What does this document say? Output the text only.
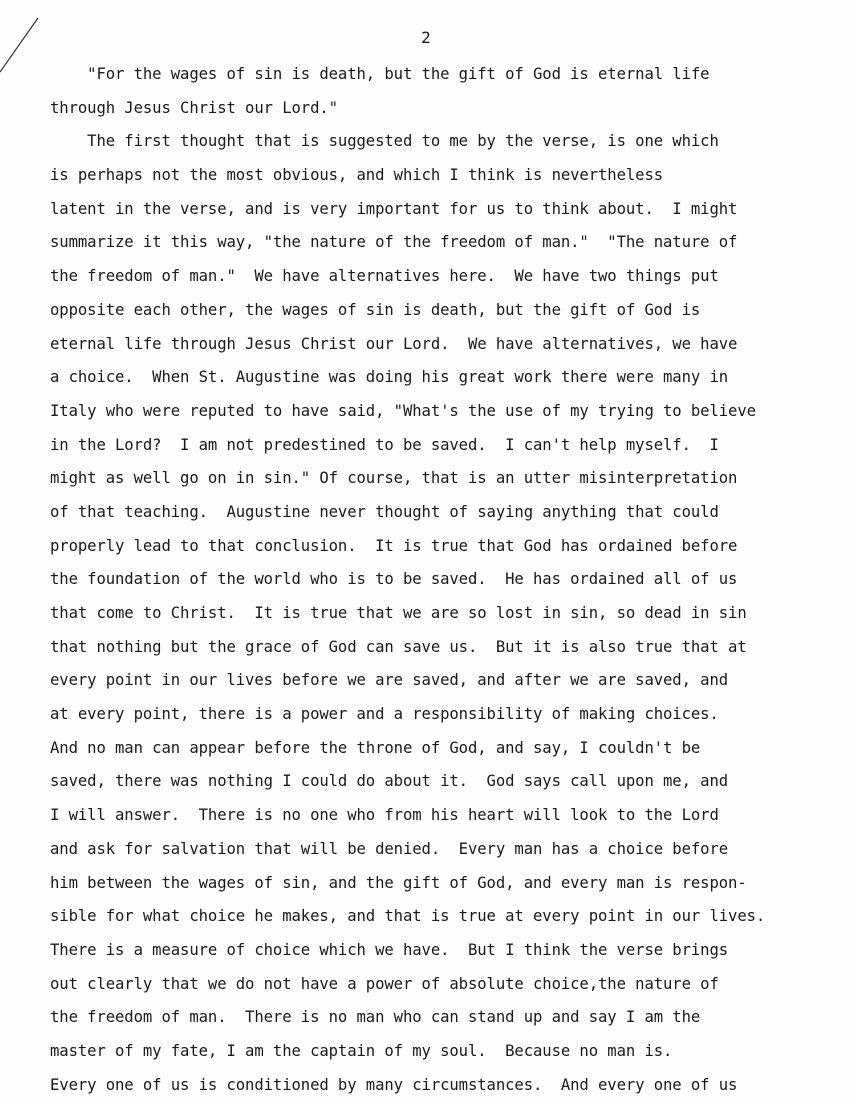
2
"For the wages of sin is death, but the gift of God is eternal life
through Jesus Christ our Lord."
The first thought that is suggested to me by the verse, is one which
is perhaps not the most obvious, and which I think is nevertheless
latent in the verse, and is very important for us to think about.  I might
summarize it this way, "the nature of the freedom of man."  "The nature of
the freedom of man."  We have alternatives here.  We have two things put
opposite each other, the wages of sin is death, but the gift of God is
eternal life through Jesus Christ our Lord.  We have alternatives, we have
a choice.  When St. Augustine was doing his great work there were many in
Italy who were reputed to have said, "What's the use of my trying to believe
in the Lord?  I am not predestined to be saved.  I can't help myself.  I
might as well go on in sin." Of course, that is an utter misinterpretation
of that teaching.  Augustine never thought of saying anything that could
properly lead to that conclusion.  It is true that God has ordained before
the foundation of the world who is to be saved.  He has ordained all of us
that come to Christ.  It is true that we are so lost in sin, so dead in sin
that nothing but the grace of God can save us.  But it is also true that at
every point in our lives before we are saved, and after we are saved, and
at every point, there is a power and a responsibility of making choices.
And no man can appear before the throne of God, and say, I couldn't be
saved, there was nothing I could do about it.  God says call upon me, and
I will answer.  There is no one who from his heart will look to the Lord
and ask for salvation that will be denied.  Every man has a choice before
him between the wages of sin, and the gift of God, and every man is respon-
sible for what choice he makes, and that is true at every point in our lives.
There is a measure of choice which we have.  But I think the verse brings
out clearly that we do not have a power of absolute choice,the nature of
the freedom of man.  There is no man who can stand up and say I am the
master of my fate, I am the captain of my soul.  Because no man is.
Every one of us is conditioned by many circumstances.  And every one of us
